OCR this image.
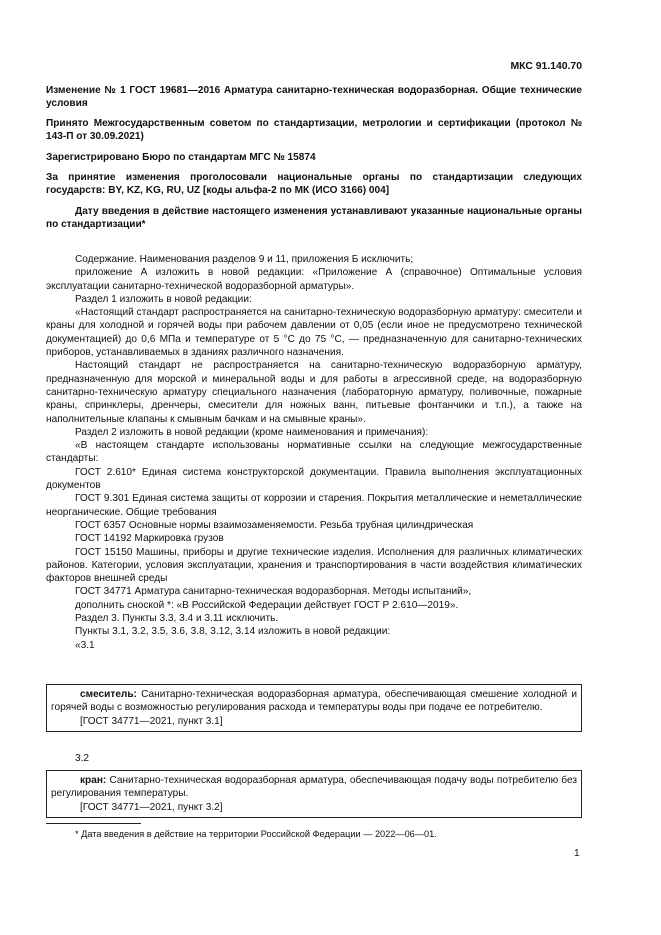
МКС 91.140.70
Изменение № 1 ГОСТ 19681—2016 Арматура санитарно-техническая водоразборная. Общие технические условия
Принято Межгосударственным советом по стандартизации, метрологии и сертификации (протокол № 143-П от 30.09.2021)
Зарегистрировано Бюро по стандартам МГС № 15874
За принятие изменения проголосовали национальные органы по стандартизации следующих государств: BY, KZ, KG, RU, UZ [коды альфа-2 по МК (ИСО 3166) 004]
Дату введения в действие настоящего изменения устанавливают указанные национальные органы по стандартизации*

Содержание. Наименования разделов 9 и 11, приложения Б исключить;

приложение А изложить в новой редакции: «Приложение А (справочное) Оптимальные условия эксплуатации санитарно-технической водоразборной арматуры».

Раздел 1 изложить в новой редакции:

«Настоящий стандарт распространяется на санитарно-техническую водоразборную арматуру: смесители и краны для холодной и горячей воды при рабочем давлении от 0,05 (если иное не предусмотрено технической документацией) до 0,6 МПа и температуре от 5 °С до 75 °С, — предназначенную для санитарно-технических приборов, устанавливаемых в зданиях различного назначения.

Настоящий стандарт не распространяется на санитарно-техническую водоразборную арматуру, предназначенную для морской и минеральной воды и для работы в агрессивной среде, на водоразборную санитарно-техническую арматуру специального назначения (лабораторную арматуру, поливочные, пожарные краны, спринклеры, дренчеры, смесители для ножных ванн, питьевые фонтанчики и т.п.), а также на наполнительные клапаны к смывным бачкам и на смывные краны».

Раздел 2 изложить в новой редакции (кроме наименования и примечания):

«В настоящем стандарте использованы нормативные ссылки на следующие межгосударственные стандарты:

ГОСТ 2.610* Единая система конструкторской документации. Правила выполнения эксплуатационных документов

ГОСТ 9.301 Единая система защиты от коррозии и старения. Покрытия металлические и неметаллические неорганические. Общие требования

ГОСТ 6357 Основные нормы взаимозаменяемости. Резьба трубная цилиндрическая

ГОСТ 14192 Маркировка грузов

ГОСТ 15150 Машины, приборы и другие технические изделия. Исполнения для различных климатических районов. Категории, условия эксплуатации, хранения и транспортирования в части воздействия климатических факторов внешней среды

ГОСТ 34771 Арматура санитарно-техническая водоразборная. Методы испытаний»,

дополнить сноской *: «В Российской Федерации действует ГОСТ Р 2.610—2019».

Раздел 3. Пункты 3.3, 3.4 и 3.11 исключить.

Пункты 3.1, 3.2, 3.5, 3.6, 3.8, 3.12, 3.14 изложить в новой редакции:

«3.1

смеситель: Санитарно-техническая водоразборная арматура, обеспечивающая смешение холодной и горячей воды с возможностью регулирования расхода и температуры воды при подаче ее потребителю.

[ГОСТ 34771—2021, пункт 3.1]

3.2

кран: Санитарно-техническая водоразборная арматура, обеспечивающая подачу воды потребителю без регулирования температуры.

[ГОСТ 34771—2021, пункт 3.2]

* Дата введения в действие на территории Российской Федерации — 2022—06—01.
1
